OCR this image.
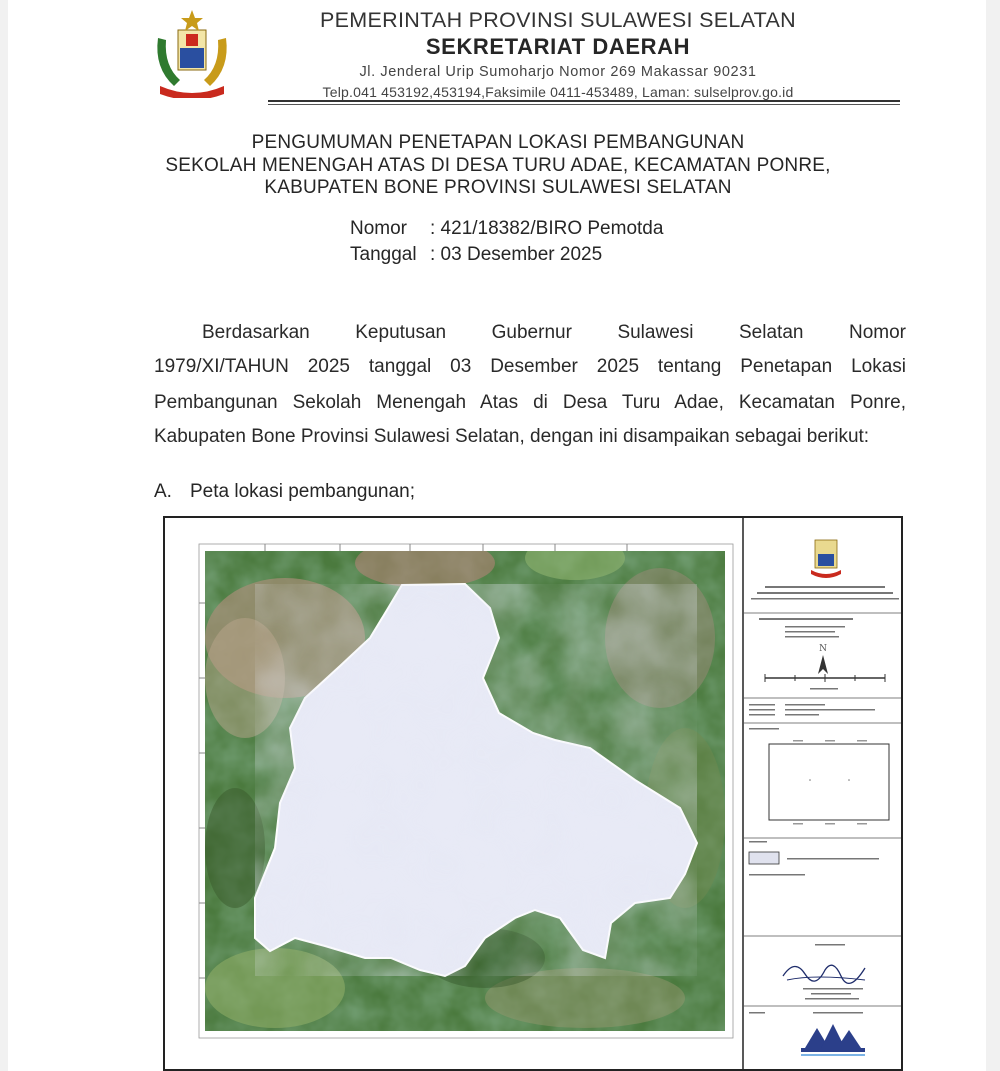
PEMERINTAH PROVINSI SULAWESI SELATAN
SEKRETARIAT DAERAH
Jl. Jenderal Urip Sumoharjo Nomor 269 Makassar 90231
Telp.041 453192,453194,Faksimile 0411-453489, Laman: sulselprov.go.id
PENGUMUMAN PENETAPAN LOKASI PEMBANGUNAN
SEKOLAH MENENGAH ATAS DI DESA TURU ADAE, KECAMATAN PONRE,
KABUPATEN BONE PROVINSI SULAWESI SELATAN
Nomor : 421/18382/BIRO Pemotda
Tanggal : 03 Desember 2025
Berdasarkan Keputusan Gubernur Sulawesi Selatan Nomor
1979/XI/TAHUN 2025 tanggal 03 Desember 2025 tentang Penetapan Lokasi
Pembangunan Sekolah Menengah Atas di Desa Turu Adae, Kecamatan Ponre,
Kabupaten Bone Provinsi Sulawesi Selatan, dengan ini disampaikan sebagai berikut:
A. Peta lokasi pembangunan;
N
